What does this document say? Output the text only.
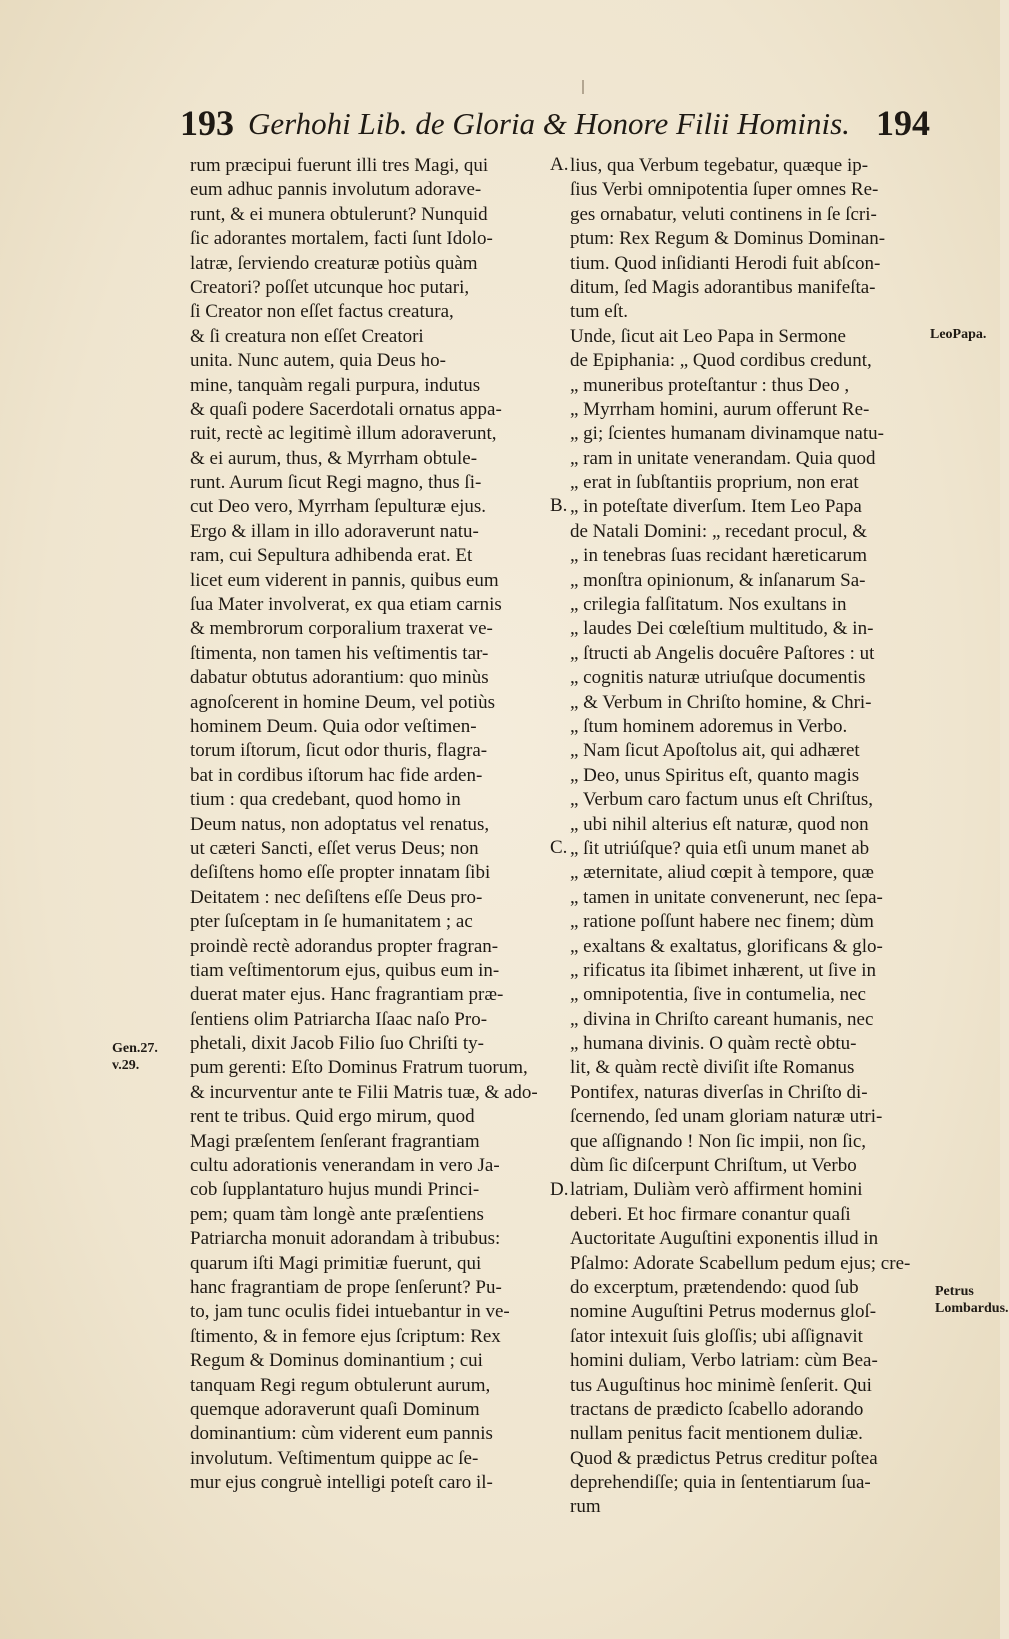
193 Gerhohi Lib. de Gloria & Honore Filii Hominis. 194
rum præcipui fuerunt illi tres Magi, qui
eum adhuc pannis involutum adorave-
runt, & ei munera obtulerunt? Nunquid
ſic adorantes mortalem, facti ſunt Idolo-
latræ, ſerviendo creaturæ potiùs quàm
Creatori? poſſet utcunque hoc putari,
ſi Creator non eſſet factus creatura,
& ſi creatura non eſſet Creatori
unita. Nunc autem, quia Deus ho-
mine, tanquàm regali purpura, indutus
& quaſi podere Sacerdotali ornatus appa-
ruit, rectè ac legitimè illum adoraverunt,
& ei aurum, thus, & Myrrham obtule-
runt. Aurum ſicut Regi magno, thus ſi-
cut Deo vero, Myrrham ſepulturæ ejus.
Ergo & illam in illo adoraverunt natu-
ram, cui Sepultura adhibenda erat. Et
licet eum viderent in pannis, quibus eum
ſua Mater involverat, ex qua etiam carnis
& membrorum corporalium traxerat ve-
ſtimenta, non tamen his veſtimentis tar-
dabatur obtutus adorantium: quo minùs
agnoſcerent in homine Deum, vel potiùs
hominem Deum. Quia odor veſtimen-
torum iſtorum, ſicut odor thuris, flagra-
bat in cordibus iſtorum hac fide arden-
tium : qua credebant, quod homo in
Deum natus, non adoptatus vel renatus,
ut cæteri Sancti, eſſet verus Deus; non
deſiſtens homo eſſe propter innatam ſibi
Deitatem : nec deſiſtens eſſe Deus pro-
pter ſuſceptam in ſe humanitatem ; ac
proindè rectè adorandus propter fragran-
tiam veſtimentorum ejus, quibus eum in-
duerat mater ejus. Hanc fragrantiam præ-
ſentiens olim Patriarcha Iſaac naſo Pro-
phetali, dixit Jacob Filio ſuo Chriſti ty-
pum gerenti: Eſto Dominus Fratrum tuorum,
& incurventur ante te Filii Matris tuæ, & ado-
rent te tribus. Quid ergo mirum, quod
Magi præſentem ſenſerant fragrantiam
cultu adorationis venerandam in vero Ja-
cob ſupplantaturo hujus mundi Princi-
pem; quam tàm longè ante præſentiens
Patriarcha monuit adorandam à tribubus:
quarum iſti Magi primitiæ fuerunt, qui
hanc fragrantiam de prope ſenſerunt? Pu-
to, jam tunc oculis fidei intuebantur in ve-
ſtimento, & in femore ejus ſcriptum: Rex
Regum & Dominus dominantium ; cui
tanquam Regi regum obtulerunt aurum,
quemque adoraverunt quaſi Dominum
dominantium: cùm viderent eum pannis
involutum. Veſtimentum quippe ac ſe-
mur ejus congruè intelligi poteſt caro il-
lius, qua Verbum tegebatur, quæque ip-
ſius Verbi omnipotentia ſuper omnes Re-
ges ornabatur, veluti continens in ſe ſcri-
ptum: Rex Regum & Dominus Dominan-
tium. Quod inſidianti Herodi fuit abſcon-
ditum, ſed Magis adorantibus manifeſta-
tum eſt.
Unde, ſicut ait Leo Papa in Sermone
de Epiphania: „ Quod cordibus credunt,
„ muneribus proteſtantur : thus Deo ,
„ Myrrham homini, aurum offerunt Re-
„ gi; ſcientes humanam divinamque natu-
„ ram in unitate venerandam. Quia quod
„ erat in ſubſtantiis proprium, non erat
„ in poteſtate diverſum. Item Leo Papa
de Natali Domini: „ recedant procul, &
„ in tenebras ſuas recidant hæreticarum
„ monſtra opinionum, & inſanarum Sa-
„ crilegia falſitatum. Nos exultans in
„ laudes Dei cœleſtium multitudo, & in-
„ ſtructi ab Angelis docuêre Paſtores : ut
„ cognitis naturæ utriuſque documentis
„ & Verbum in Chriſto homine, & Chri-
„ ſtum hominem adoremus in Verbo.
„ Nam ſicut Apoſtolus ait, qui adhæret
„ Deo, unus Spiritus eſt, quanto magis
„ Verbum caro factum unus eſt Chriſtus,
„ ubi nihil alterius eſt naturæ, quod non
„ ſit utriúſque? quia etſi unum manet ab
„ æternitate, aliud cœpit à tempore, quæ
„ tamen in unitate convenerunt, nec ſepa-
„ ratione poſſunt habere nec finem; dùm
„ exaltans & exaltatus, glorificans & glo-
„ rificatus ita ſibimet inhærent, ut ſive in
„ omnipotentia, ſive in contumelia, nec
„ divina in Chriſto careant humanis, nec
„ humana divinis. O quàm rectè obtu-
lit, & quàm rectè diviſit iſte Romanus
Pontifex, naturas diverſas in Chriſto di-
ſcernendo, ſed unam gloriam naturæ utri-
que aſſignando ! Non ſic impii, non ſic,
dùm ſic diſcerpunt Chriſtum, ut Verbo
latriam, Duliàm verò affirment homini
deberi. Et hoc firmare conantur quaſi
Auctoritate Auguſtini exponentis illud in
Pſalmo: Adorate Scabellum pedum ejus; cre-
do excerptum, prætendendo: quod ſub
nomine Auguſtini Petrus modernus gloſ-
ſator intexuit ſuis gloſſis; ubi aſſignavit
homini duliam, Verbo latriam: cùm Bea-
tus Auguſtinus hoc minimè ſenſerit. Qui
tractans de prædicto ſcabello adorando
nullam penitus facit mentionem duliæ.
Quod & prædictus Petrus creditur poſtea
deprehendiſſe; quia in ſententiarum ſua-
rum
A.
B.
C.
D.
LeoPapa.
Gen.27. v.29.
Petrus Lombardus.
